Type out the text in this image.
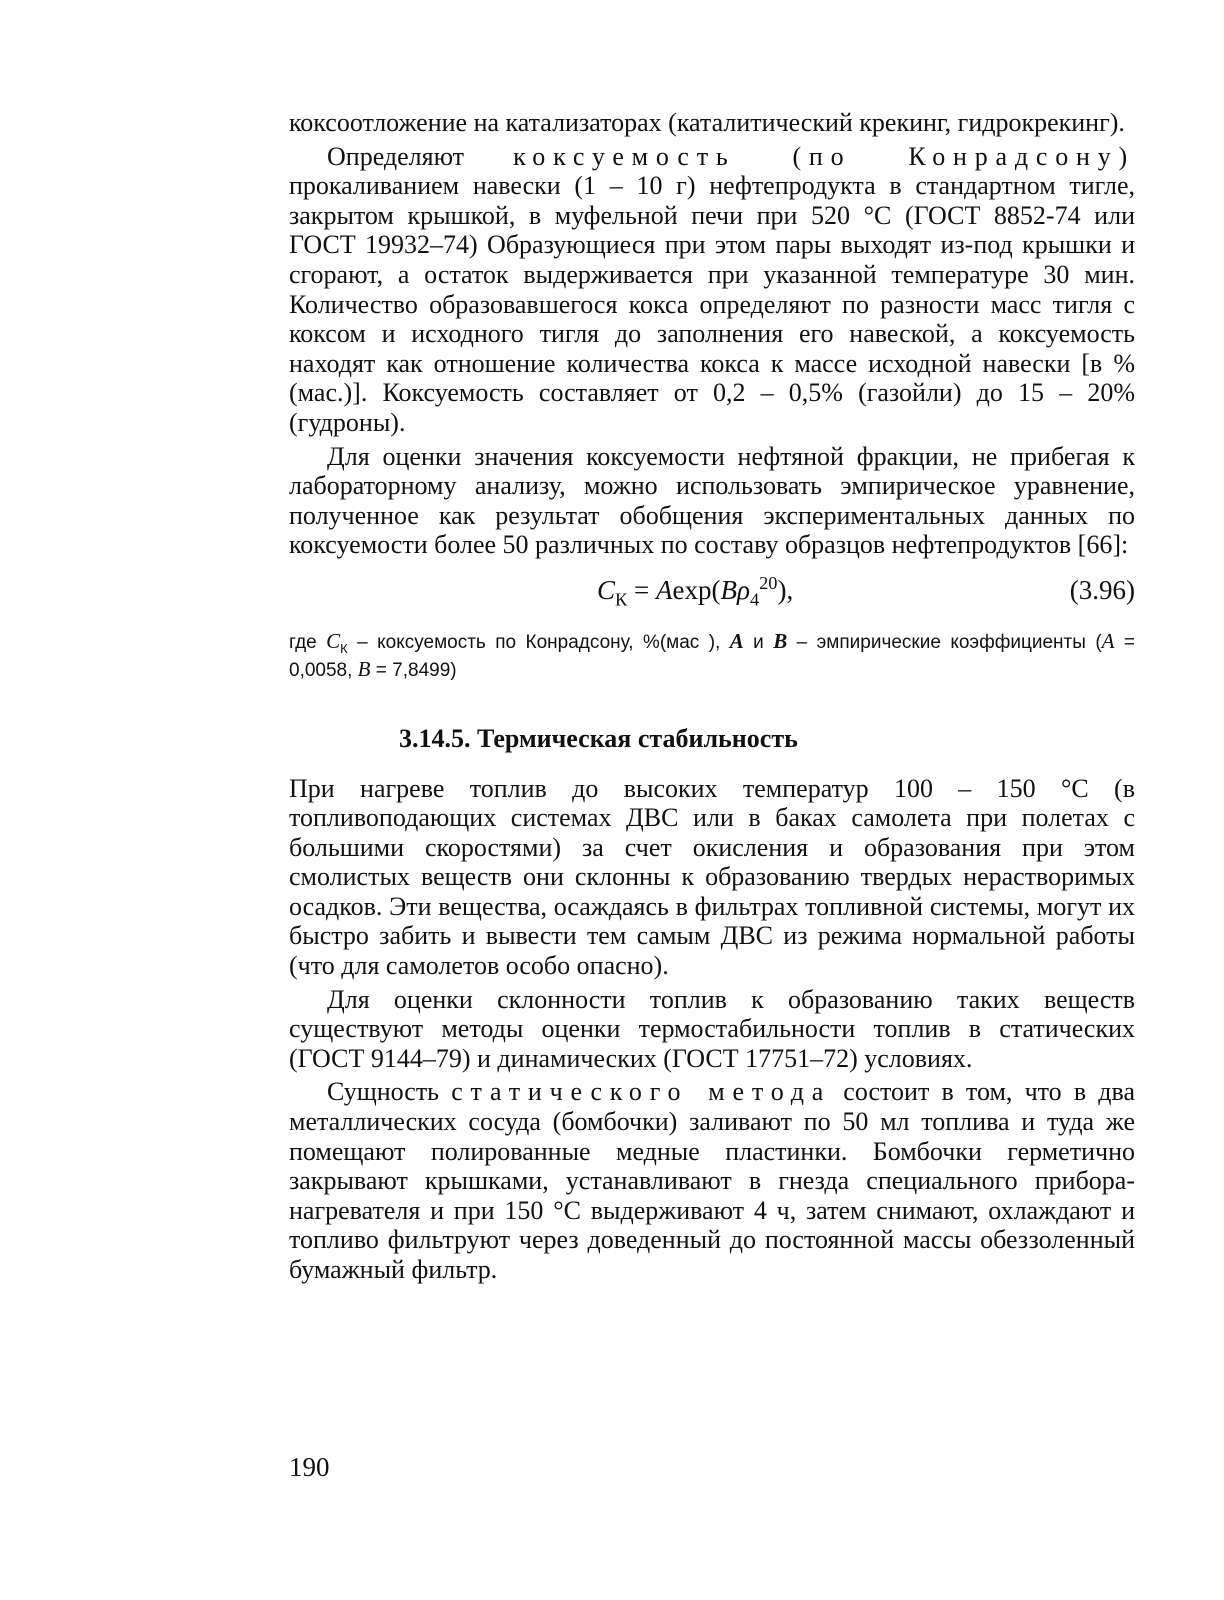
коксоотложение на катализаторах (каталитический крекинг, гидрокрекинг).

Определяют коксуемость (по Конрадсону) прокаливанием навески (1 – 10 г) нефтепродукта в стандартном тигле, закрытом крышкой, в муфельной печи при 520 °С (ГОСТ 8852-74 или ГОСТ 19932–74) Образующиеся при этом пары выходят из-под крышки и сгорают, а остаток выдерживается при указанной температуре 30 мин. Количество образовавшегося кокса определяют по разности масс тигля с коксом и исходного тигля до заполнения его навеской, а коксуемость находят как отношение количества кокса к массе исходной навески [в %(мас.)]. Коксуемость составляет от 0,2 – 0,5% (газойли) до 15 – 20% (гудроны).

Для оценки значения коксуемости нефтяной фракции, не прибегая к лабораторному анализу, можно использовать эмпирическое уравнение, полученное как результат обобщения экспериментальных данных по коксуемости более 50 различных по составу образцов нефтепродуктов [66]:

$C_К = Aexp(B\rho_4^{20})$,	(3.96)
где $C_К$ – коксуемость по Конрадсону, %(мас ), A и B – эмпирические коэффициенты (A = 0,0058, B = 7,8499)
3.14.5. Термическая стабильность

При нагреве топлив до высоких температур 100 – 150 °С (в топливоподающих системах ДВС или в баках самолета при полетах с большими скоростями) за счет окисления и образования при этом смолистых веществ они склонны к образованию твердых нерастворимых осадков. Эти вещества, осаждаясь в фильтрах топливной системы, могут их быстро забить и вывести тем самым ДВС из режима нормальной работы (что для самолетов особо опасно).

Для оценки склонности топлив к образованию таких веществ существуют методы оценки термостабильности топлив в статических (ГОСТ 9144–79) и динамических (ГОСТ 17751–72) условиях.

Сущность статического метода состоит в том, что в два металлических сосуда (бомбочки) заливают по 50 мл топлива и туда же помещают полированные медные пластинки. Бомбочки герметично закрывают крышками, устанавливают в гнезда специального прибора-нагревателя и при 150 °С выдерживают 4 ч, затем снимают, охлаждают и топливо фильтруют через доведенный до постоянной массы обеззоленный бумажный фильтр.

190
